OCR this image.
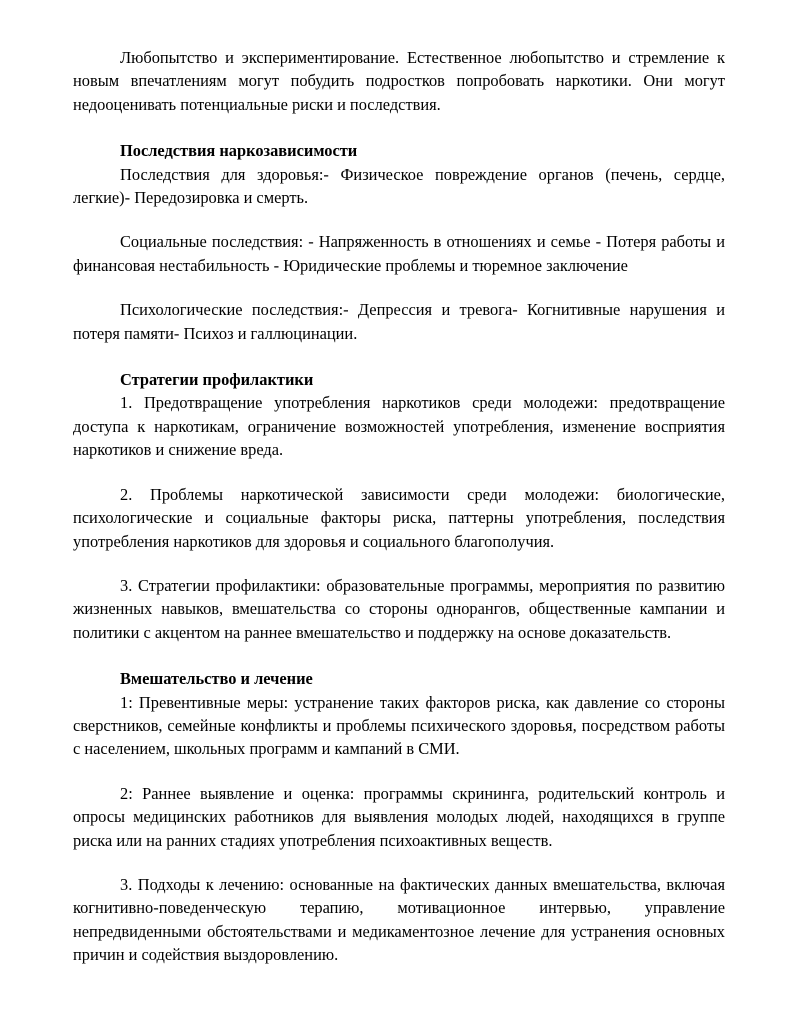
Любопытство и экспериментирование. Естественное любопытство и стремление к новым впечатлениям могут побудить подростков попробовать наркотики. Они могут недооценивать потенциальные риски и последствия.

Последствия наркозависимости

Последствия для здоровья:- Физическое повреждение органов (печень, сердце, легкие)- Передозировка и смерть.

Социальные последствия: - Напряженность в отношениях и семье - Потеря работы и финансовая нестабильность - Юридические проблемы и тюремное заключение

Психологические последствия:- Депрессия и тревога- Когнитивные нарушения и потеря памяти- Психоз и галлюцинации.

Стратегии профилактики

1. Предотвращение употребления наркотиков среди молодежи: предотвращение доступа к наркотикам, ограничение возможностей употребления, изменение восприятия наркотиков и снижение вреда.

2. Проблемы наркотической зависимости среди молодежи: биологические, психологические и социальные факторы риска, паттерны употребления, последствия употребления наркотиков для здоровья и социального благополучия.

3. Стратегии профилактики: образовательные программы, мероприятия по развитию жизненных навыков, вмешательства со стороны однорангов, общественные кампании и политики с акцентом на раннее вмешательство и поддержку на основе доказательств.

Вмешательство и лечение

1: Превентивные меры: устранение таких факторов риска, как давление со стороны сверстников, семейные конфликты и проблемы психического здоровья, посредством работы с населением, школьных программ и кампаний в СМИ.

2: Раннее выявление и оценка: программы скрининга, родительский контроль и опросы медицинских работников для выявления молодых людей, находящихся в группе риска или на ранних стадиях употребления психоактивных веществ.

3. Подходы к лечению: основанные на фактических данных вмешательства, включая когнитивно-поведенческую терапию, мотивационное интервью, управление непредвиденными обстоятельствами и медикаментозное лечение для устранения основных причин и содействия выздоровлению.
